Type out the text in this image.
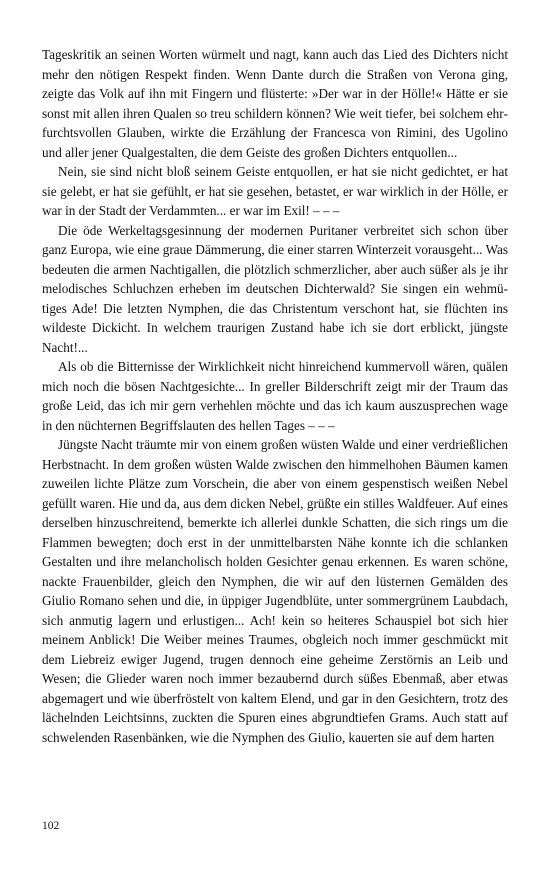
Tageskritik an seinen Worten würmelt und nagt, kann auch das Lied des Dichters nicht mehr den nötigen Respekt finden. Wenn Dante durch die Straßen von Verona ging, zeigte das Volk auf ihn mit Fingern und flüsterte: »Der war in der Hölle!« Hätte er sie sonst mit allen ihren Qualen so treu schildern können? Wie weit tiefer, bei solchem ehrfurchtsvollen Glauben, wirkte die Erzählung der Francesca von Rimini, des Ugolino und aller jener Qualgestalten, die dem Geiste des großen Dichters entquollen...

Nein, sie sind nicht bloß seinem Geiste entquollen, er hat sie nicht gedichtet, er hat sie gelebt, er hat sie gefühlt, er hat sie gesehen, betastet, er war wirklich in der Hölle, er war in der Stadt der Verdammten... er war im Exil! – – –

Die öde Werkeltagsgesinnung der modernen Puritaner verbreitet sich schon über ganz Europa, wie eine graue Dämmerung, die einer starren Winterzeit vorausgeht... Was bedeuten die armen Nachtigallen, die plötzlich schmerzlicher, aber auch süßer als je ihr melodisches Schluchzen erheben im deutschen Dichterwald? Sie singen ein wehmütiges Ade! Die letzten Nymphen, die das Christentum verschont hat, sie flüchten ins wildeste Dickicht. In welchem traurigen Zustand habe ich sie dort erblickt, jüngste Nacht!...

Als ob die Bitternisse der Wirklichkeit nicht hinreichend kummervoll wären, quälen mich noch die bösen Nachtgesichte... In greller Bilderschrift zeigt mir der Traum das große Leid, das ich mir gern verhehlen möchte und das ich kaum auszusprechen wage in den nüchternen Begriffslauten des hellen Tages – – –

Jüngste Nacht träumte mir von einem großen wüsten Walde und einer verdrießlichen Herbstnacht. In dem großen wüsten Walde zwischen den himmelhohen Bäumen kamen zuweilen lichte Plätze zum Vorschein, die aber von einem gespenstisch weißen Nebel gefüllt waren. Hie und da, aus dem dicken Nebel, grüßte ein stilles Waldfeuer. Auf eines derselben hinzuschreitend, bemerkte ich allerlei dunkle Schatten, die sich rings um die Flammen bewegten; doch erst in der unmittelbarsten Nähe konnte ich die schlanken Gestalten und ihre melancholisch holden Gesichter genau erkennen. Es waren schöne, nackte Frauenbilder, gleich den Nymphen, die wir auf den lüsternen Gemälden des Giulio Romano sehen und die, in üppiger Jugendblüte, unter sommergrünem Laubdach, sich anmutig lagern und erlustigen... Ach! kein so heiteres Schauspiel bot sich hier meinem Anblick! Die Weiber meines Traumes, obgleich noch immer geschmückt mit dem Liebreiz ewiger Jugend, trugen dennoch eine geheime Zerstörnis an Leib und Wesen; die Glieder waren noch immer bezaubernd durch süßes Ebenmaß, aber etwas abgemagert und wie überfröstelt von kaltem Elend, und gar in den Gesichtern, trotz des lächelnden Leichtsinns, zuckten die Spuren eines abgrundtiefen Grams. Auch statt auf schwelenden Rasenbänken, wie die Nymphen des Giulio, kauerten sie auf dem harten

102
